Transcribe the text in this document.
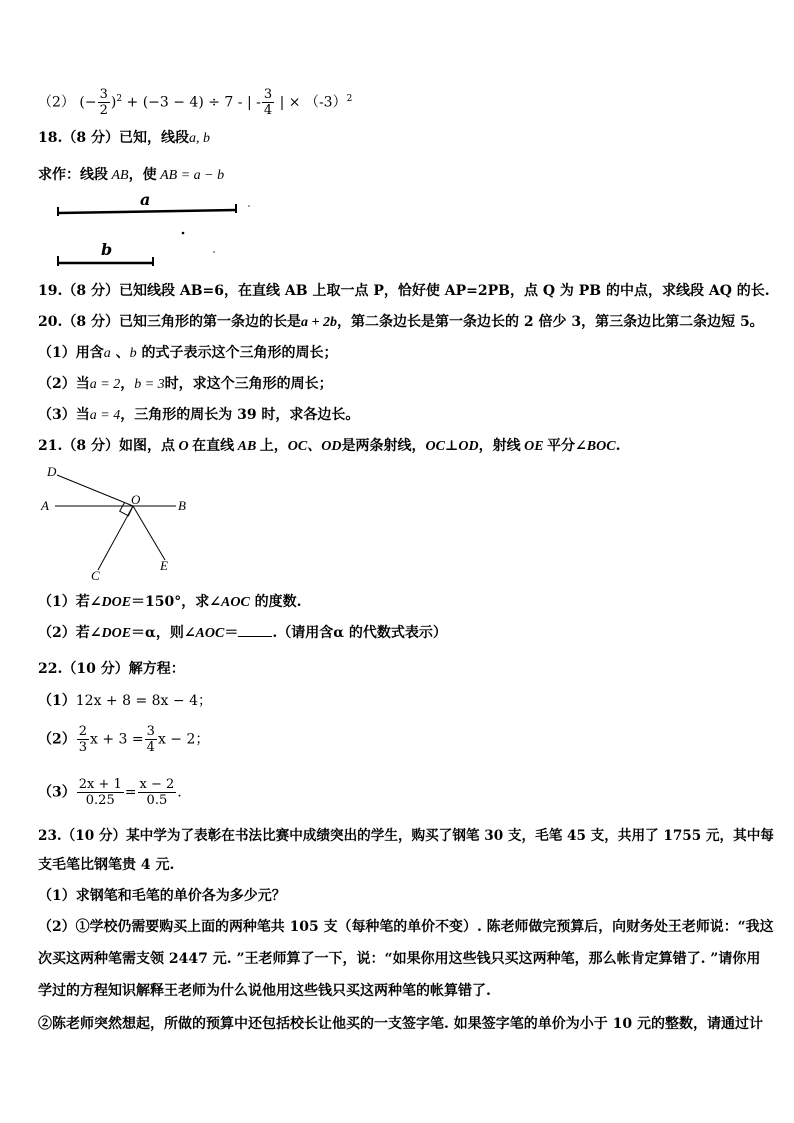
（2） (− $\frac{3}{2} )^2 + (-3 - 4) \div 7$ - | - $\frac{3}{4}$ | × $(-3)^2$
18.（8 分）已知，线段a, b
求作：线段 AB，使 AB = a − b
a
b
19.（8 分）已知线段 AB=6，在直线 AB 上取一点 P，恰好使 AP=2PB，点 Q 为 PB 的中点，求线段 AQ 的长.
20.（8 分）已知三角形的第一条边的长是a + 2b，第二条边长是第一条边长的 2 倍少 3，第三条边比第二条边短 5。
（1）用含a 、b 的式子表示这个三角形的周长；
（2）当a = 2，b = 3时，求这个三角形的周长；
（3）当a = 4，三角形的周长为 39 时，求各边长。
21.（8 分）如图，点 O 在直线 AB 上，OC、OD是两条射线，OC⊥OD，射线 OE 平分∠BOC.
D
A	O	B
C
E
（1）若∠DOE＝150°，求∠AOC 的度数.
（2）若∠DOE＝α，则∠AOC＝ .（请用含α 的代数式表示）
22.（10 分）解方程：
（1）12x + 8 = 8x − 4；
$(2) \frac{2}{3}$ $x + 3 = \frac{3}{4}$ x − 2；
$(3) \frac{2x + 1}{0.25} = \frac{x - 2}{0.5}$ .
23.（10 分）某中学为了表彰在书法比赛中成绩突出的学生，购买了钢笔 30 支，毛笔 45 支，共用了 1755 元，其中每
支毛笔比钢笔贵 4 元.
（1）求钢笔和毛笔的单价各为多少元？
（2）①学校仍需要购买上面的两种笔共 105 支（每种笔的单价不变）. 陈老师做完预算后，向财务处王老师说：“我这
次买这两种笔需支领 2447 元. ”王老师算了一下，说：“如果你用这些钱只买这两种笔，那么帐肯定算错了. ”请你用
学过的方程知识解释王老师为什么说他用这些钱只买这两种笔的帐算错了.
②陈老师突然想起，所做的预算中还包括校长让他买的一支签字笔. 如果签字笔的单价为小于 10 元的整数，请通过计
